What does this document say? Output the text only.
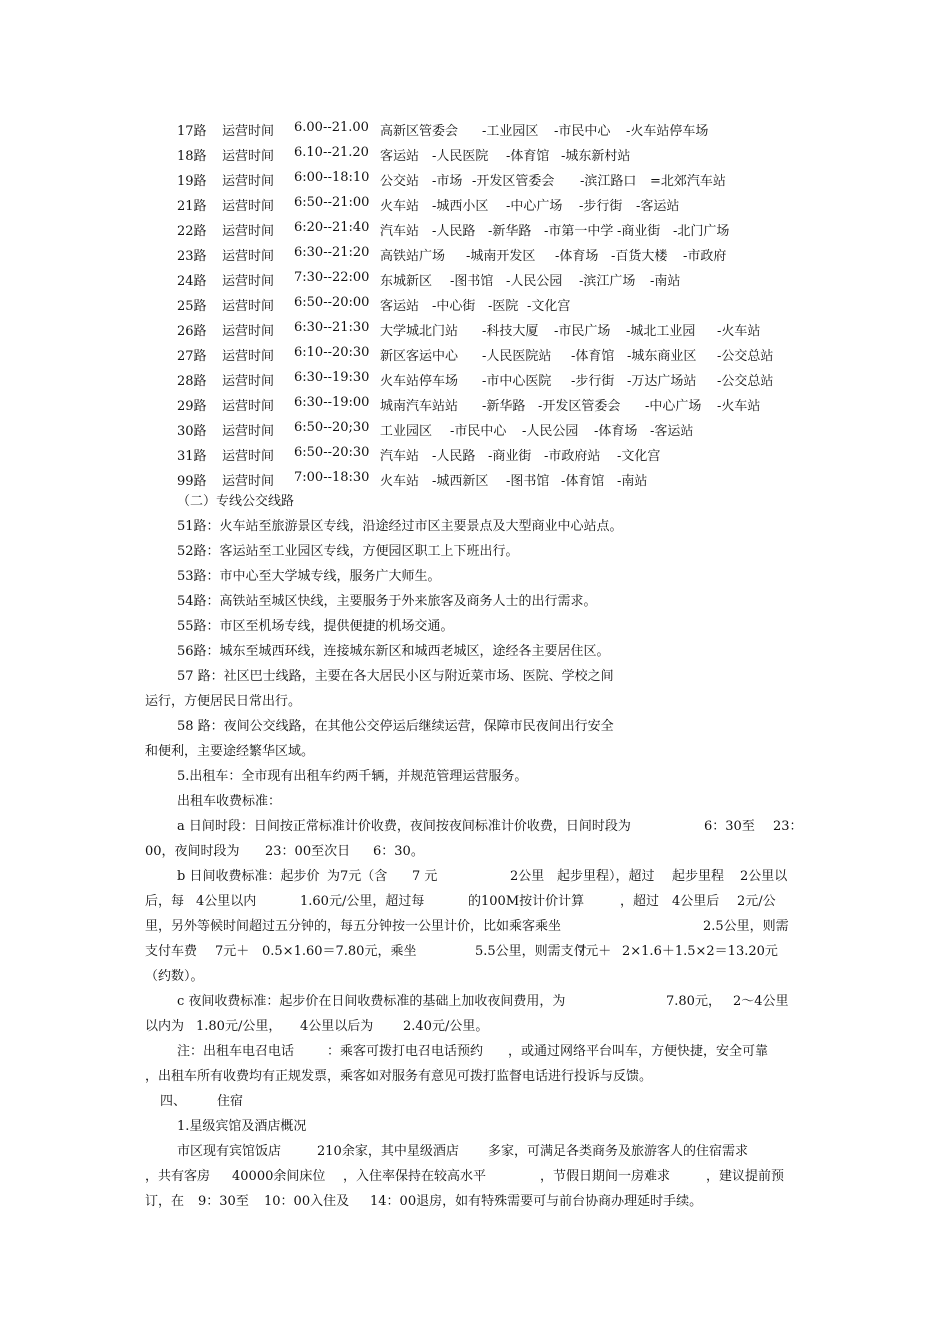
17路 运营时间 6.00--21.00 高新区管委会 -工业园区 -市民中心 -火车站停车场
18路 运营时间 6.10--21.20 客运站 -人民医院 -体育馆 -城东新村站
19路 运营时间 6:00--18:10 公交站 -市场 -开发区管委会 -滨江路口 =北郊汽车站
21路 运营时间 6:50--21:00 火车站 -城西小区 -中心广场 -步行街 -客运站
22路 运营时间 6:20--21:40 汽车站 -人民路 -新华路 -市第一中学 -商业街 -北门广场
23路 运营时间 6:30--21:20 高铁站广场 -城南开发区 -体育场 -百货大楼 -市政府
24路 运营时间 7:30--22:00 东城新区 -图书馆 -人民公园 -滨江广场 -南站
25路 运营时间 6:50--20:00 客运站 -中心街 -医院 -文化宫
26路 运营时间 6:30--21:30 大学城北门站 -科技大厦 -市民广场 -城北工业园 -火车站
27路 运营时间 6:10--20:30 新区客运中心 -人民医院站 -体育馆 -城东商业区 -公交总站
28路 运营时间 6:30--19:30 火车站停车场 -市中心医院 -步行街 -万达广场站 -公交总站
29路 运营时间 6:30--19:00 城南汽车站站 -新华路 -开发区管委会 -中心广场 -火车站
30路 运营时间 6:50--20;30 工业园区 -市民中心 -人民公园 -体育场 -客运站
31路 运营时间 6:50--20:30 汽车站 -人民路 -商业街 -市政府站 -文化宫
99路 运营时间 7:00--18:30 火车站 -城西新区 -图书馆 -体育馆 -南站
（二）专线公交线路
51路：火车站至旅游景区专线，沿途经过市区主要景点及大型商业中心站点。
52路：客运站至工业园区专线，方便园区职工上下班出行。
53路：市中心至大学城专线，服务广大师生。
54路：高铁站至城区快线，主要服务于外来旅客及商务人士的出行需求。
55路：市区至机场专线，提供便捷的机场交通。
56路：城东至城西环线，连接城东新区和城西老城区，途经各主要居住区。
57 路：社区巴士线路，主要在各大居民小区与附近菜市场、医院、学校之间
运行，方便居民日常出行。
58 路：夜间公交线路，在其他公交停运后继续运营，保障市民夜间出行安全
和便利，主要途经繁华区域。
5.出租车：全市现有出租车约两千辆，并规范管理运营服务。
出租车收费标准：
a 日间时段：日间按正常标准计价收费，夜间按夜间标准计价收费，日间时段为	6：30至 23：
00，夜间时段为 23：00至次日 6：30。
b 日间收费标准：起步价 为7元（含 7 元	2公里 起步里程），超过 起步里程 2公里以
后，每 4公里以内	1.60元/公里，超过每	的100M按计价计算	，超过 4公里后 2元/公
里，另外等候时间超过五分钟的，每五分钟按一公里计价，比如乘客乘坐	2.5公里，则需
支付车费 7元＋ 0.5×1.60＝7.80元，乘坐	5.5公里，则需支付
7元＋ 2×1.6＋1.5×2＝13.20元
（约数）。
c 夜间收费标准：起步价在日间收费标准的基础上加收夜间费用，为	7.80元， 2～4公里
以内为 1.80元/公里， 4公里以后为 2.40元/公里。
注：出租车电召电话	：乘客可拨打电召电话预约 ，或通过网络平台叫车，方便快捷，安全可靠
，出租车所有收费均有正规发票，乘客如对服务有意见可拨打监督电话进行投诉与反馈。
四、 住宿
1.星级宾馆及酒店概况
市区现有宾馆饭店	210余家，其中星级酒店 多家，可满足各类商务及旅游客人的住宿需求
，共有客房 40000余间床位 ，入住率保持在较高水平	，节假日期间一房难求	，建议提前预
订，在 9：30至 10：00入住及 14：00退房，如有特殊需要可与前台协商办理延时手续。
